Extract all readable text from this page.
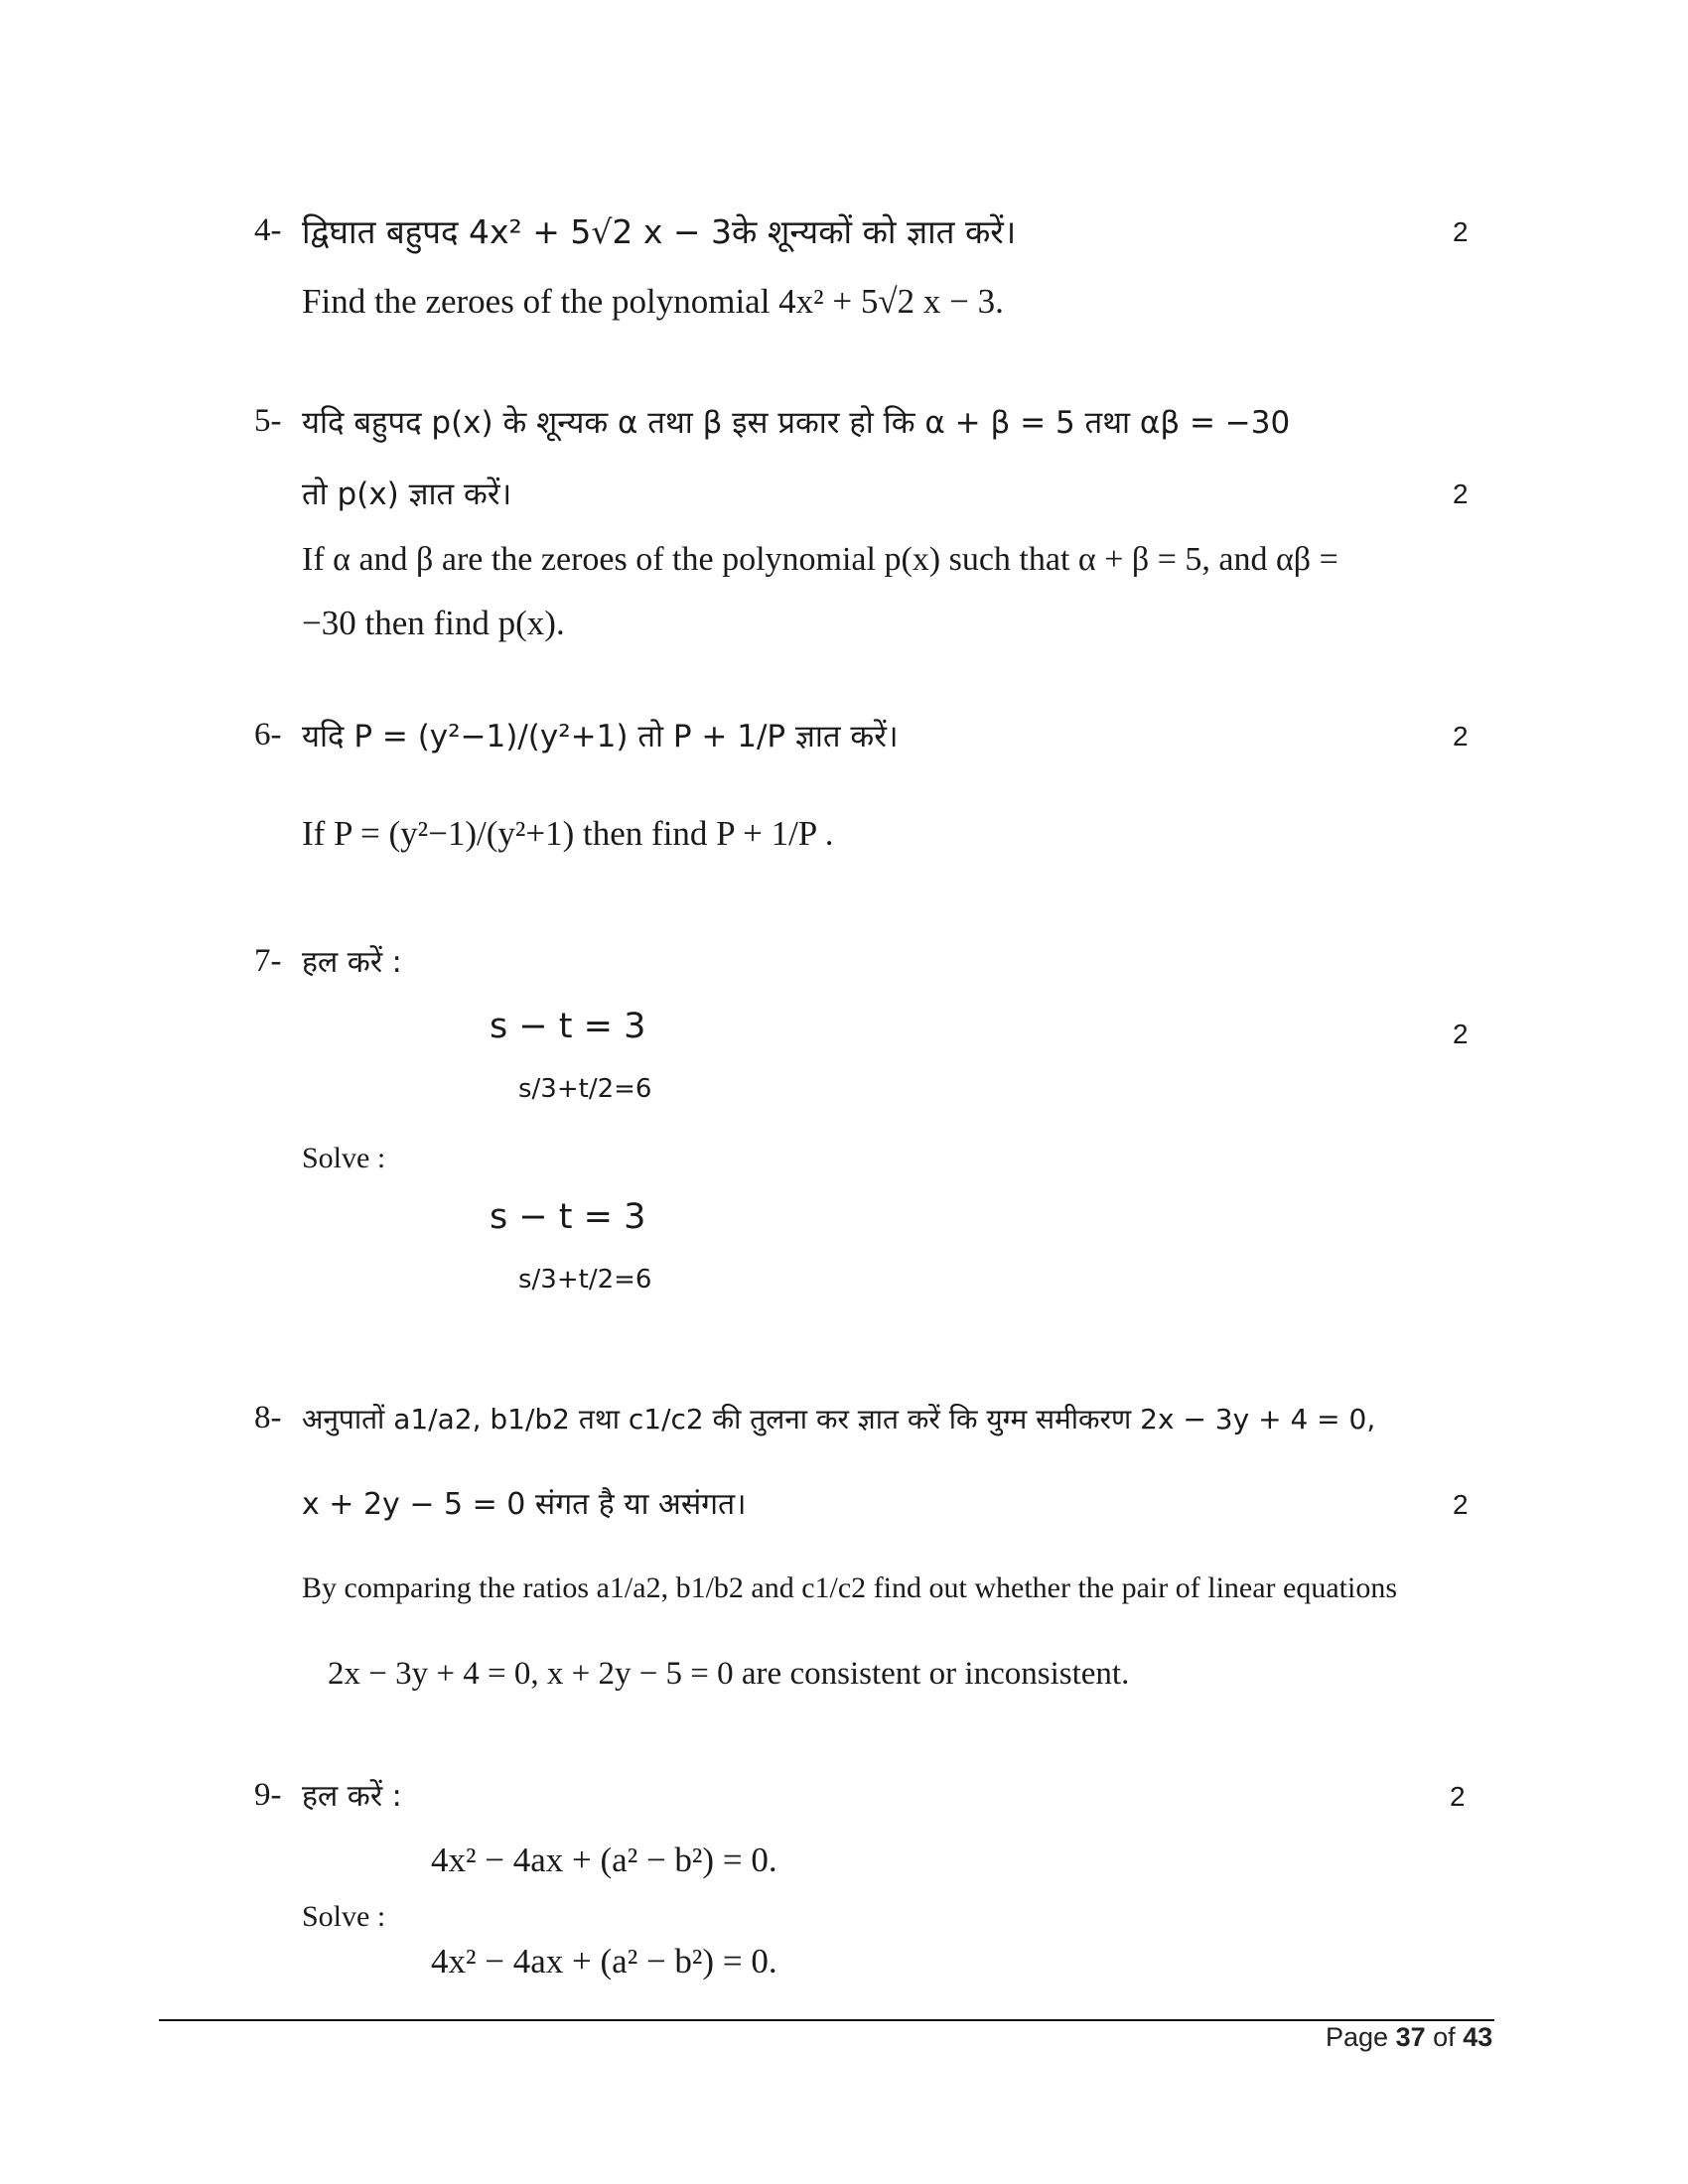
4- द्विघात बहुपद 4x² + 5√2 x − 3के शून्यकों को ज्ञात करें।	2
Find the zeroes of the polynomial 4x² + 5√2 x − 3.
5- यदि बहुपद p(x) के शून्यक α तथा β इस प्रकार हो कि α + β = 5 तथा αβ = −30
तो p(x) ज्ञात करें।	2
If α and β are the zeroes of the polynomial p(x) such that α + β = 5, and αβ =
−30 then find p(x).
6- यदि P = (y²−1)/(y²+1) तो P + 1/P ज्ञात करें।	2
If P = (y²−1)/(y²+1) then find P + 1/P .
7- हल करें :
s − t = 3	2
s/3+t/2=6
Solve :
s − t = 3
s/3+t/2=6
8- अनुपातों a1/a2, b1/b2 तथा c1/c2 की तुलना कर ज्ञात करें कि युग्म समीकरण 2x − 3y + 4 = 0,
x + 2y − 5 = 0 संगत है या असंगत।	2
By comparing the ratios a1/a2, b1/b2 and c1/c2 find out whether the pair of linear equations
2x − 3y + 4 = 0, x + 2y − 5 = 0 are consistent or inconsistent.
9- हल करें :	2
4x² − 4ax + (a² − b²) = 0.
Solve :
4x² − 4ax + (a² − b²) = 0.
Page 37 of 43
